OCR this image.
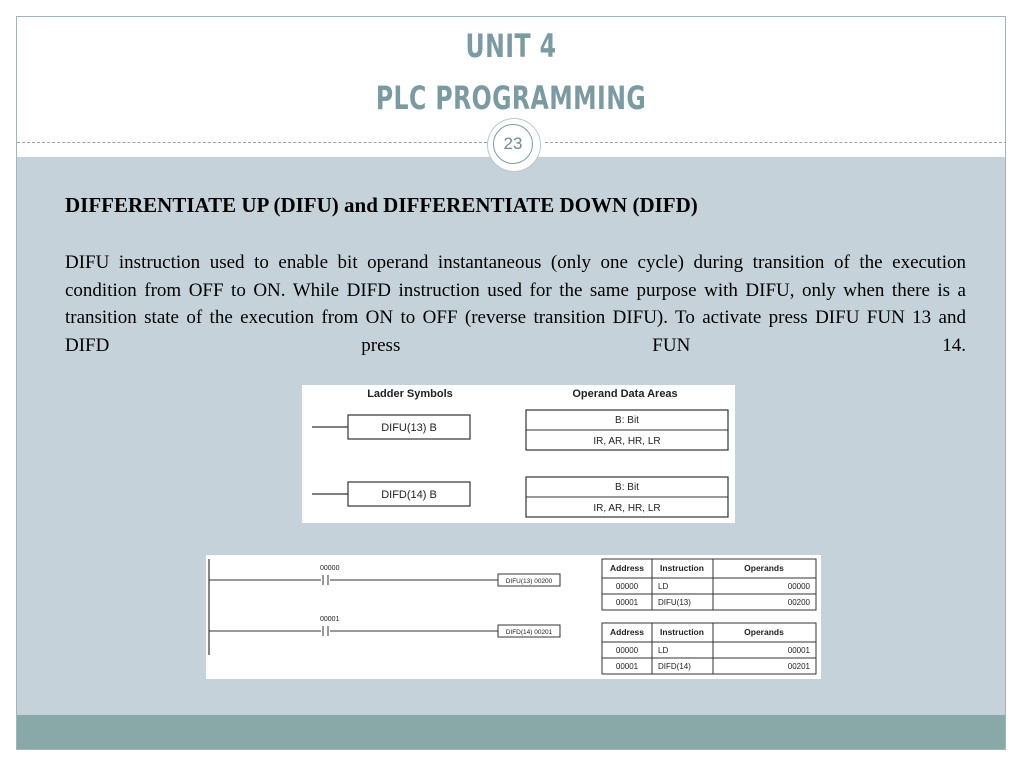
UNIT 4
PLC PROGRAMMING
23
DIFFERENTIATE UP (DIFU) and DIFFERENTIATE DOWN (DIFD)
DIFU instruction used to enable bit operand instantaneous (only one cycle) during transition of the execution condition from OFF to ON. While DIFD instruction used for the same purpose with DIFU, only when there is a transition state of the execution from ON to OFF (reverse transition DIFU). To activate press DIFU FUN 13 and DIFD press FUN 14.
Ladder Symbols	Operand Data Areas
DIFU(13) B
B: Bit
IR, AR, HR, LR
DIFD(14) B
B: Bit
IR, AR, HR, LR
00000
DIFU(13) 00200
00001
DIFD(14) 00201
Address Instruction	Operands
00000 LD	00000
00001 DIFU(13)	00200
Address Instruction	Operands
00000 LD	00001
00001 DIFD(14)	00201
